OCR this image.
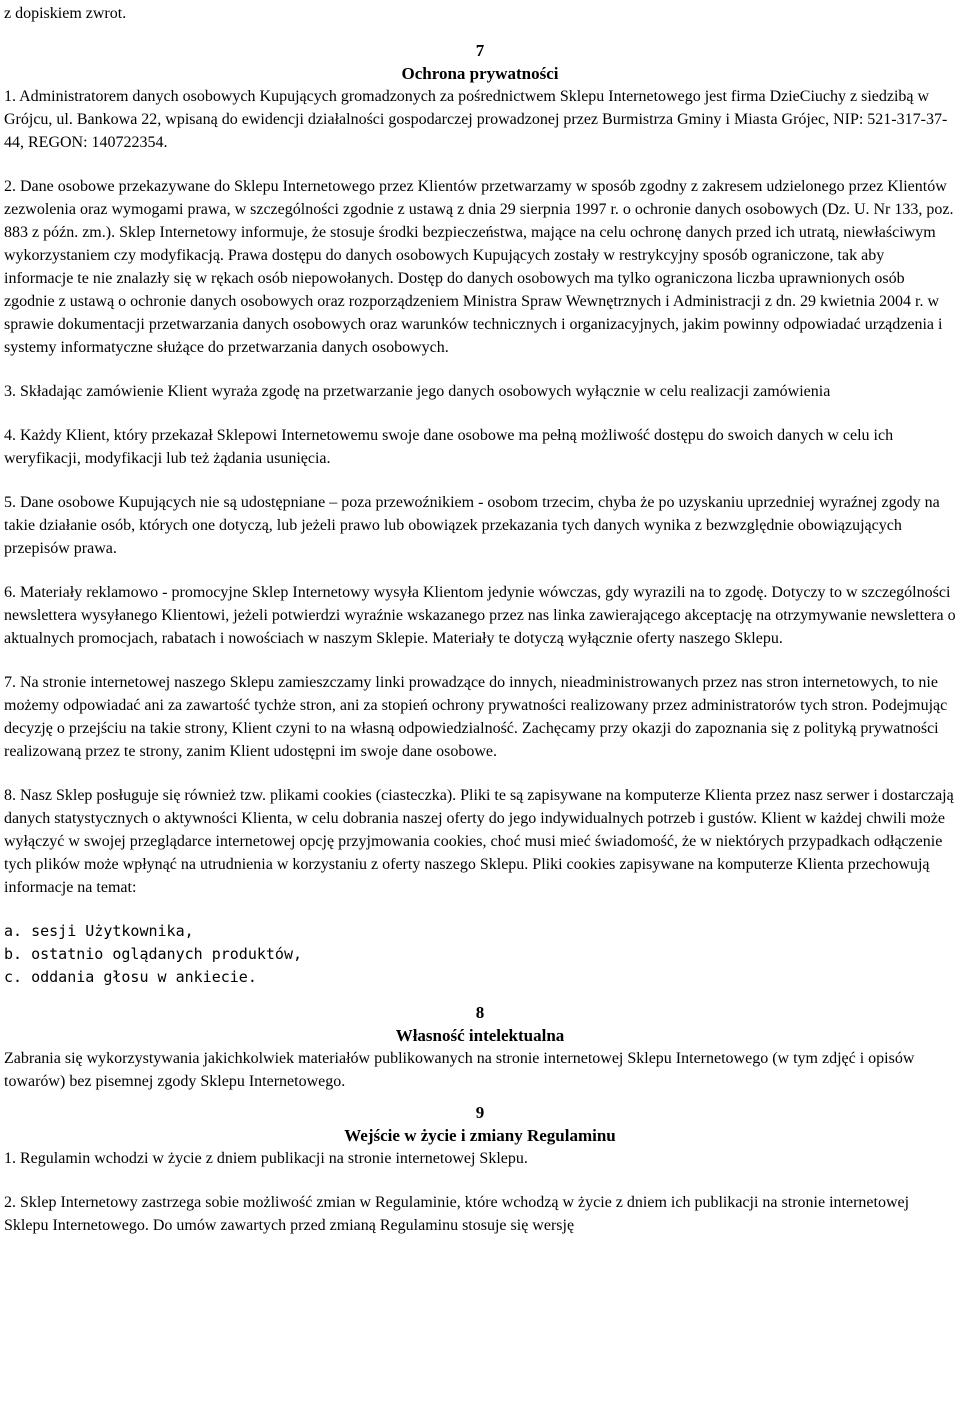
z dopiskiem zwrot.

7
Ochrona prywatności

1. Administratorem danych osobowych Kupujących gromadzonych za pośrednictwem Sklepu Internetowego jest firma DzieCiuchy z siedzibą w Grójcu, ul. Bankowa 22, wpisaną do ewidencji działalności gospodarczej prowadzonej przez Burmistrza Gminy i Miasta Grójec, NIP: 521-317-37-44, REGON: 140722354.

2. Dane osobowe przekazywane do Sklepu Internetowego przez Klientów przetwarzamy w sposób zgodny z zakresem udzielonego przez Klientów zezwolenia oraz wymogami prawa, w szczególności zgodnie z ustawą z dnia 29 sierpnia 1997 r. o ochronie danych osobowych (Dz. U. Nr 133, poz. 883 z późn. zm.). Sklep Internetowy informuje, że stosuje środki bezpieczeństwa, mające na celu ochronę danych przed ich utratą, niewłaściwym wykorzystaniem czy modyfikacją. Prawa dostępu do danych osobowych Kupujących zostały w restrykcyjny sposób ograniczone, tak aby informacje te nie znalazły się w rękach osób niepowołanych. Dostęp do danych osobowych ma tylko ograniczona liczba uprawnionych osób zgodnie z ustawą o ochronie danych osobowych oraz rozporządzeniem Ministra Spraw Wewnętrznych i Administracji z dn. 29 kwietnia 2004 r. w sprawie dokumentacji przetwarzania danych osobowych oraz warunków technicznych i organizacyjnych, jakim powinny odpowiadać urządzenia i systemy informatyczne służące do przetwarzania danych osobowych.

3. Składając zamówienie Klient wyraża zgodę na przetwarzanie jego danych osobowych wyłącznie w celu realizacji zamówienia

4. Każdy Klient, który przekazał Sklepowi Internetowemu swoje dane osobowe ma pełną możliwość dostępu do swoich danych w celu ich weryfikacji, modyfikacji lub też żądania usunięcia.

5. Dane osobowe Kupujących nie są udostępniane – poza przewoźnikiem - osobom trzecim, chyba że po uzyskaniu uprzedniej wyraźnej zgody na takie działanie osób, których one dotyczą, lub jeżeli prawo lub obowiązek przekazania tych danych wynika z bezwzględnie obowiązujących przepisów prawa.

6. Materiały reklamowo - promocyjne Sklep Internetowy wysyła Klientom jedynie wówczas, gdy wyrazili na to zgodę. Dotyczy to w szczególności newslettera wysyłanego Klientowi, jeżeli potwierdzi wyraźnie wskazanego przez nas linka zawierającego akceptację na otrzymywanie newslettera o aktualnych promocjach, rabatach i nowościach w naszym Sklepie. Materiały te dotyczą wyłącznie oferty naszego Sklepu.

7. Na stronie internetowej naszego Sklepu zamieszczamy linki prowadzące do innych, nieadministrowanych przez nas stron internetowych, to nie możemy odpowiadać ani za zawartość tychże stron, ani za stopień ochrony prywatności realizowany przez administratorów tych stron. Podejmując decyzję o przejściu na takie strony, Klient czyni to na własną odpowiedzialność. Zachęcamy przy okazji do zapoznania się z polityką prywatności realizowaną przez te strony, zanim Klient udostępni im swoje dane osobowe.

8. Nasz Sklep posługuje się również tzw. plikami cookies (ciasteczka). Pliki te są zapisywane na komputerze Klienta przez nasz serwer i dostarczają danych statystycznych o aktywności Klienta, w celu dobrania naszej oferty do jego indywidualnych potrzeb i gustów. Klient w każdej chwili może wyłączyć w swojej przeglądarce internetowej opcję przyjmowania cookies, choć musi mieć świadomość, że w niektórych przypadkach odłączenie tych plików może wpłynąć na utrudnienia w korzystaniu z oferty naszego Sklepu. Pliki cookies zapisywane na komputerze Klienta przechowują informacje na temat:

a. sesji Użytkownika,
b. ostatnio oglądanych produktów,
c. oddania głosu w ankiecie.
8
Własność intelektualna

Zabrania się wykorzystywania jakichkolwiek materiałów publikowanych na stronie internetowej Sklepu Internetowego (w tym zdjęć i opisów towarów) bez pisemnej zgody Sklepu Internetowego.

9
Wejście w życie i zmiany Regulaminu

1. Regulamin wchodzi w życie z dniem publikacji na stronie internetowej Sklepu.

2. Sklep Internetowy zastrzega sobie możliwość zmian w Regulaminie, które wchodzą w życie z dniem ich publikacji na stronie internetowej Sklepu Internetowego. Do umów zawartych przed zmianą Regulaminu stosuje się wersję
